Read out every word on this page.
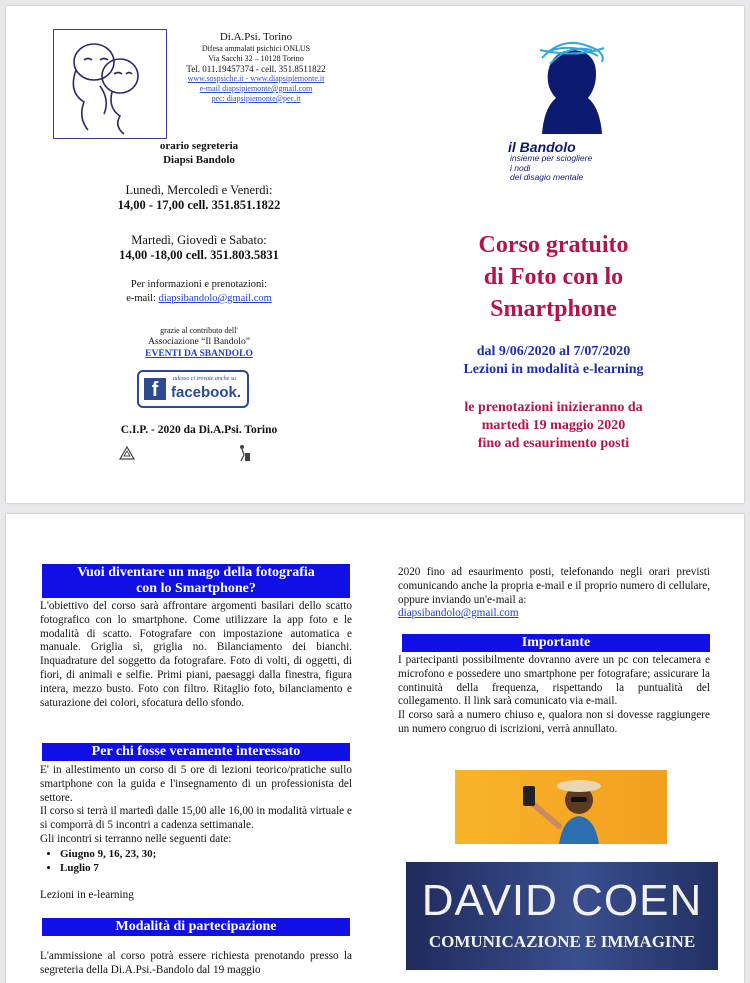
Di.A.Psi. Torino
Difesa ammalati psichici ONLUS
Via Sacchi 32 – 10128 Torino
Tel. 011.19457374 - cell. 351.8511822
www.sospsiche.it - www.diapsipiemonte.it
e-mail diapsipiemonte@gmail.com
pec: diapsipiemonte@pec.it
orario segreteria
Diapsi Bandolo
Lunedì, Mercoledì e Venerdì:
14,00 - 17,00 cell. 351.851.1822
Martedì, Giovedì e Sabato:
14,00 -18,00 cell. 351.803.5831
Per informazioni e prenotazioni:
e-mail: diapsibandolo@gmail.com
grazie al contributo dell'
Associazione “Il Bandolo”
EVENTI DA SBANDOLO
f	adesso ci trovate anche su
facebook.
C.I.P. - 2020 da Di.A.Psi. Torino
il Bandolo
insieme per sciogliere
i nodi
del disagio mentale
Corso gratuito
di Foto con lo
Smartphone
dal 9/06/2020 al 7/07/2020
Lezioni in modalità e-learning
le prenotazioni inizieranno da
martedì 19 maggio 2020
fino ad esaurimento posti
Vuoi diventare un mago della fotografia
con lo Smartphone?
L'obiettivo del corso sarà affrontare argomenti basilari dello scatto fotografico con lo smartphone. Come utilizzare la app foto e le modalità di scatto. Fotografare con impostazione automatica e manuale. Griglia sì, griglia no. Bilanciamento dei bianchi. Inquadrature del soggetto da fotografare. Foto di volti, di oggetti, di fiori, di animali e selfie. Primi piani, paesaggi dalla finestra, figura intera, mezzo busto. Foto con filtro. Ritaglio foto, bilanciamento e saturazione dei colori, sfocatura dello sfondo.
Per chi fosse veramente interessato
E' in allestimento un corso di 5 ore di lezioni teorico/pratiche sullo smartphone con la guida e l'insegnamento di un professionista del settore.
Il corso si terrà il martedì dalle 15,00 alle 16,00 in modalità virtuale e si comporrà di 5 incontri a cadenza settimanale.
Gli incontri si terranno nelle seguenti date:
• Giugno 9, 16, 23, 30;
• Luglio 7
Lezioni in e-learning
Modalità di partecipazione
L'ammissione al corso potrà essere richiesta prenotando presso la segreteria della Di.A.Psi.-Bandolo dal 19 maggio
2020 fino ad esaurimento posti, telefonando negli orari previsti comunicando anche la propria e-mail e il proprio numero di cellulare, oppure inviando un'e-mail a:
diapsibandolo@gmail.com
Importante
I partecipanti possibilmente dovranno avere un pc con telecamera e microfono e possedere uno smartphone per fotografare; assicurare la continuità della frequenza, rispettando la puntualità del collegamento. Il link sarà comunicato via e-mail.
Il corso sarà a numero chiuso e, qualora non si dovesse raggiungere un numero congruo di iscrizioni, verrà annullato.
DAVID COEN
COMUNICAZIONE E IMMAGINE
